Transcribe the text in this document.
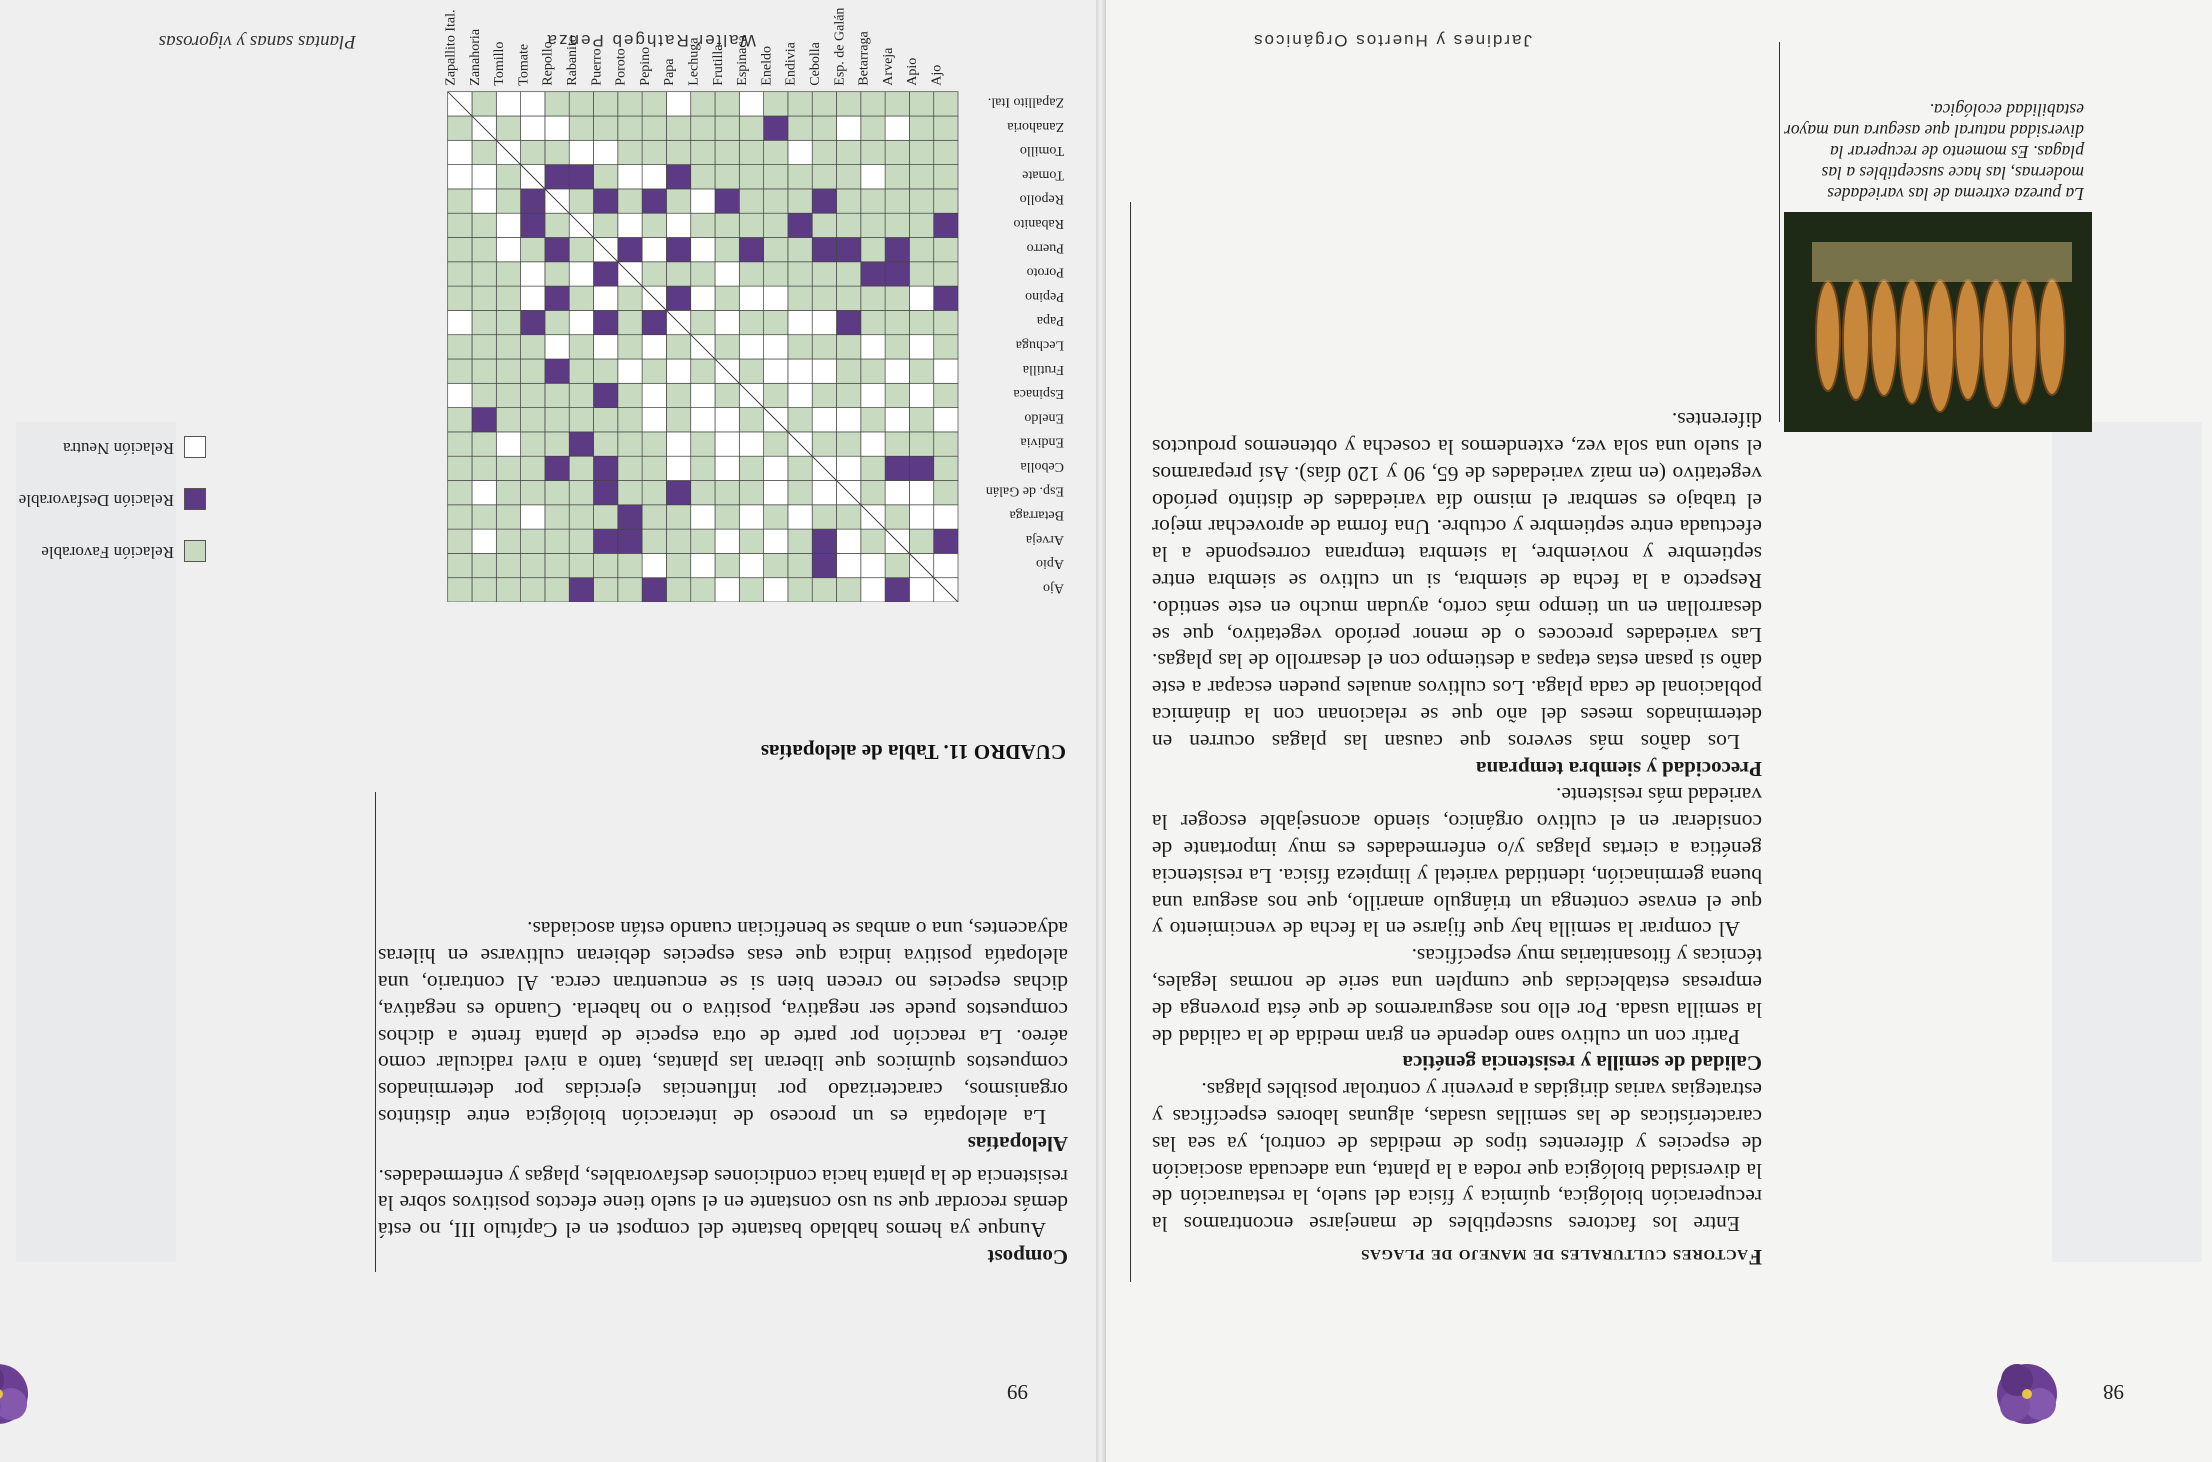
98
La pureza extrema de las variedades modernas, las hace susceptibles a las plagas. Es momento de recuperar la diversidad natural que asegura una mayor estabilidad ecológica.
Factores culturales de manejo de plagas

Entre los factores susceptibles de manejarse encontramos la recuperación biológica, química y física del suelo, la restauración de la diversidad biológica que rodea a la planta, una adecuada asociación de especies y diferentes tipos de medidas de control, ya sea las características de las semillas usadas, algunas labores específicas y estrategias varias dirigidas a prevenir y controlar posibles plagas.

Calidad de semilla y resistencia genética

Partir con un cultivo sano depende en gran medida de la calidad de la semilla usada. Por ello nos aseguraremos de que ésta provenga de empresas establecidas que cumplen una serie de normas legales, técnicas y fitosanitarias muy específicas.

Al comprar la semilla hay que fijarse en la fecha de vencimiento y que el envase contenga un triángulo amarillo, que nos asegura una buena germinación, identidad varietal y limpieza física. La resistencia genética a ciertas plagas y/o enfermedades es muy importante de considerar en el cultivo orgánico, siendo aconsejable escoger la variedad más resistente.

Precocidad y siembra temprana

Los daños más severos que causan las plagas ocurren en determinados meses del año que se relacionan con la dinámica poblacional de cada plaga. Los cultivos anuales pueden escapar a este daño si pasan estas etapas a destiempo con el desarrollo de las plagas. Las variedades precoces o de menor período vegetativo, que se desarrollan en un tiempo más corto, ayudan mucho en este sentido. Respecto a la fecha de siembra, si un cultivo se siembra entre septiembre y noviembre, la siembra temprana corresponde a la efectuada entre septiembre y octubre. Una forma de aprovechar mejor el trabajo es sembrar el mismo día variedades de distinto período vegetativo (en maíz variedades de 65, 90 y 120 días). Así preparamos el suelo una sola vez, extendemos la cosecha y obtenemos productos diferentes.

Jardines y Huertos Orgánicos
99
Compost

Aunque ya hemos hablado bastante del compost en el Capítulo III, no está demás recordar que su uso constante en el suelo tiene efectos positivos sobre la resistencia de la planta hacia condiciones desfavorables, plagas y enfermedades.

Alelopatías

La alelopatía es un proceso de interacción biológica entre distintos organismos, caracterizado por influencias ejercidas por determinados compuestos químicos que liberan las plantas, tanto a nivel radicular como aéreo. La reacción por parte de otra especie de planta frente a dichos compuestos puede ser negativa, positiva o no haberla. Cuando es negativa, dichas especies no crecen bien si se encuentran cerca. Al contrario, una alelopatía positiva indica que esas especies debieran cultivarse en hileras adyacentes, una o ambas se benefician cuando están asociadas.

CUADRO 11. Tabla de alelopatías
Relación Favorable
Relación Desfavorable
Relación Neutra
Plantas sanas y vigorosas	Walter Rathgeb Penza
Ajo
Apio
Arveja
Betarraga
Esp. de Galán
Cebolla
Endivia
Eneldo
Espinaca
Frutilla
Lechuga
Papa
Pepino
Poroto
Puerro
Rabanito
Repollo
Tomate
Tomillo
Zanahoria
Zapallito Ital.
Ajo
Apio
Arveja
Betarraga
Esp. de Galán
Cebolla
Endivia
Eneldo
Espinaca
Frutilla
Lechuga
Papa
Pepino
Poroto
Puerro
Rabanito
Repollo
Tomate
Tomillo
Zanahoria
Zapallito Ital.
